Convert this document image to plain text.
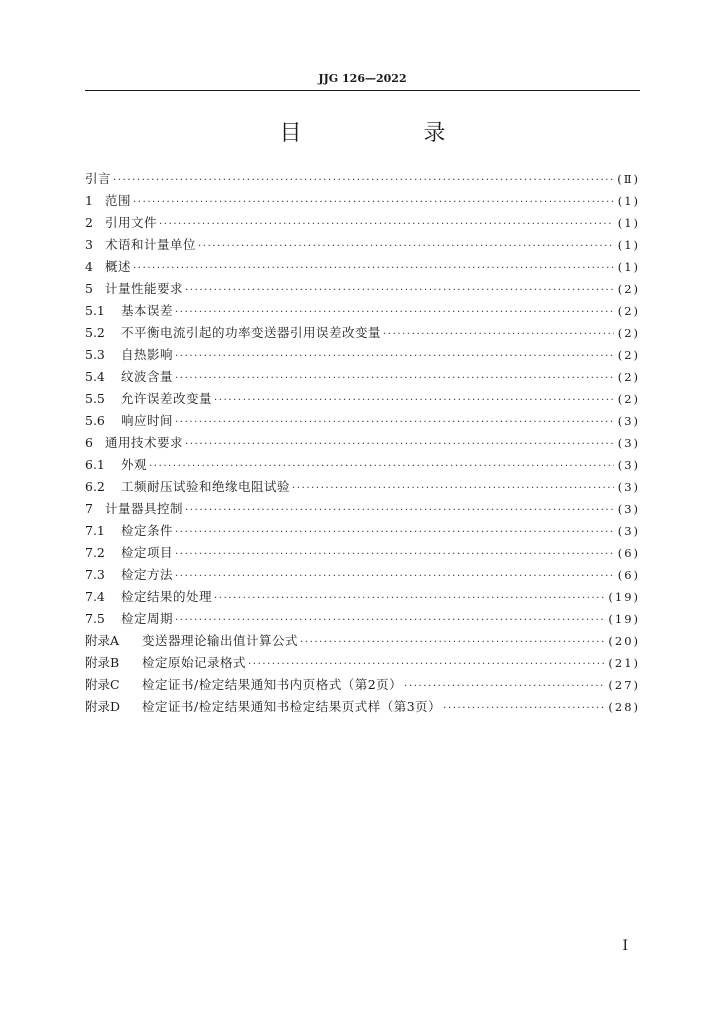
JJG 126—2022
目　录
引言 ·····	(Ⅱ)
1 范围 ·····	(1)
2 引用文件 ·····	(1)
3 术语和计量单位 ·····	(1)
4 概述 ·····	(1)
5 计量性能要求 ·····	(2)
5.1	基本误差 ·····	(2)
5.2	不平衡电流引起的功率变送器引用误差改变量 ·····	(2)
5.3	自热影响 ·····	(2)
5.4	纹波含量 ·····	(2)
5.5	允许误差改变量 ·····	(2)
5.6	响应时间 ·····	(3)
6 通用技术要求 ·····	(3)
6.1	外观 ·····	(3)
6.2	工频耐压试验和绝缘电阻试验 ·····	(3)
7 计量器具控制 ·····	(3)
7.1	检定条件 ·····	(3)
7.2	检定项目 ·····	(6)
7.3	检定方法 ·····	(6)
7.4	检定结果的处理 ·····	(19)
7.5	检定周期 ·····	(19)
附录A	变送器理论输出值计算公式 ·····	(20)
附录B	检定原始记录格式 ·····	(21)
附录C	检定证书/检定结果通知书内页格式（第2页） ·····	(27)
附录D	检定证书/检定结果通知书检定结果页式样（第3页） ·····	(28)
I
